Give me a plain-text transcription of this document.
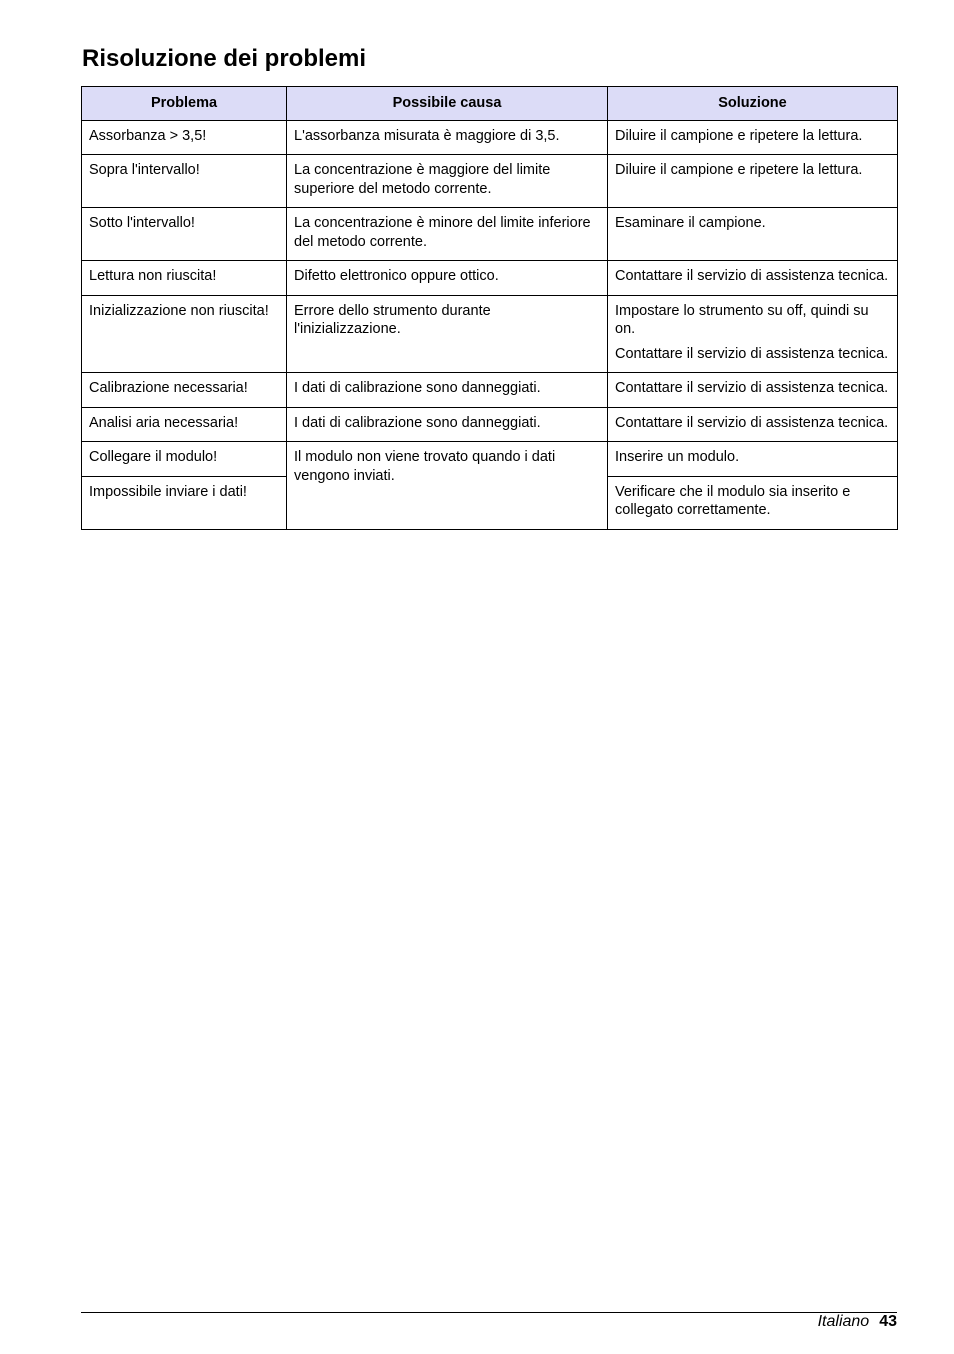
Risoluzione dei problemi
Problema	Possibile causa	Soluzione
Assorbanza > 3,5!	L'assorbanza misurata è maggiore di 3,5.	Diluire il campione e ripetere la lettura.

Sopra l'intervallo!	La concentrazione è maggiore del limite superiore del metodo corrente.	Diluire il campione e ripetere la lettura.

Sotto l'intervallo!	La concentrazione è minore del limite inferiore del metodo corrente.	Esaminare il campione.

Lettura non riuscita!	Difetto elettronico oppure ottico.	Contattare il servizio di assistenza tecnica.

Inizializzazione non riuscita!	Errore dello strumento durante l'inizializzazione.	Impostare lo strumento su off, quindi su on.

Contattare il servizio di assistenza tecnica.

Calibrazione necessaria!	I dati di calibrazione sono danneggiati.	Contattare il servizio di assistenza tecnica.

Analisi aria necessaria!	I dati di calibrazione sono danneggiati.	Contattare il servizio di assistenza tecnica.

Collegare il modulo!	Il modulo non viene trovato quando i dati vengono inviati.	Inserire un modulo.

Impossibile inviare i dati!		Verificare che il modulo sia inserito e collegato correttamente.

Italiano 43
